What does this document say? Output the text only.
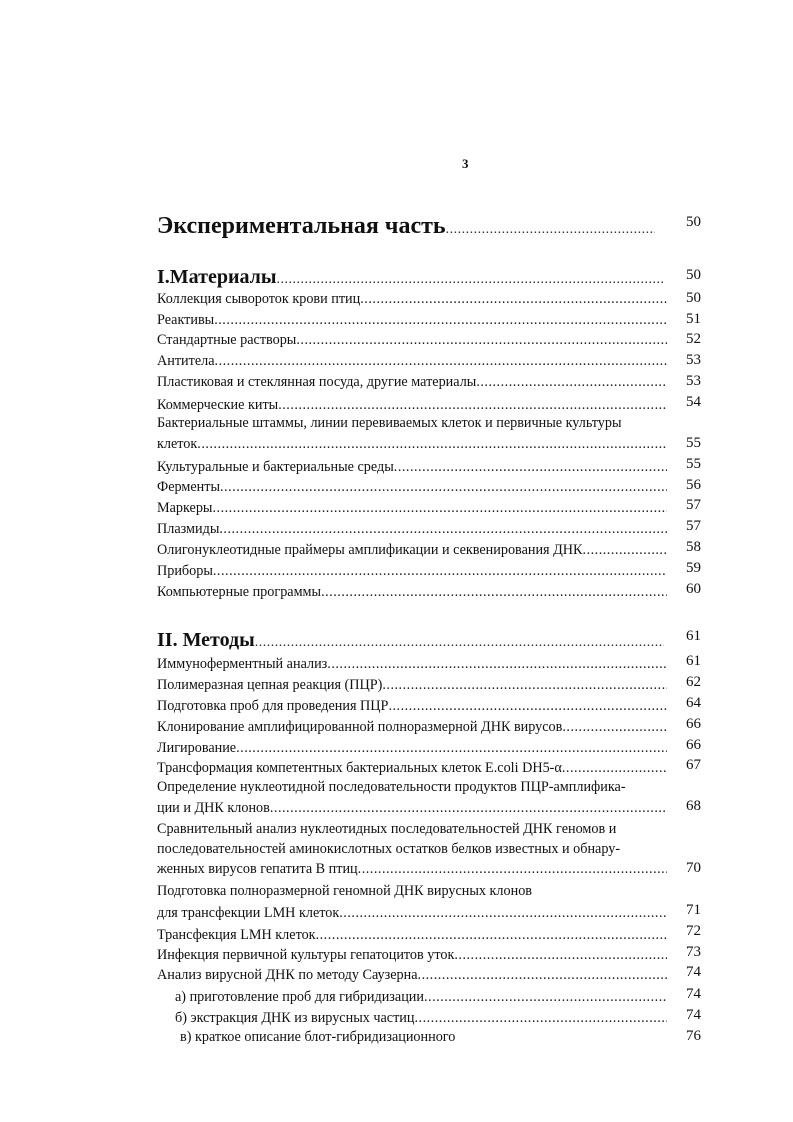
3
Экспериментальная часть .....	50
I.Материалы .....	50
Коллекция сывороток крови птиц .....	50
Реактивы .....	51
Стандартные растворы .....	52
Антитела .....	53
Пластиковая и стеклянная посуда, другие материалы .....	53
Коммерческие киты .....	54
Бактериальные штаммы, линии перевиваемых клеток и первичные культуры
клеток .....	55
Культуральные и бактериальные среды .....	55
Ферменты .....	56
Маркеры .....	57
Плазмиды .....	57
Олигонуклеотидные праймеры амплификации и секвенирования ДНК .....	58
Приборы .....	59
Компьютерные программы .....	60
II. Методы .....	61
Иммуноферментный анализ .....	61
Полимеразная цепная реакция (ПЦР) .....	62
Подготовка проб для проведения ПЦР .....	64
Клонирование амплифицированной полноразмерной ДНК вирусов .....	66
Лигирование .....	66
Трансформация компетентных бактериальных клеток E.coli DH5-α .....	67
Определение нуклеотидной последовательности продуктов ПЦР-амплифика-
ции и ДНК клонов .....	68
Сравнительный анализ нуклеотидных последовательностей ДНК геномов и
последовательностей аминокислотных остатков белков известных и обнару-
женных вирусов гепатита В птиц .....	70
Подготовка полноразмерной геномной ДНК вирусных клонов
для трансфекции LMH клеток .....	71
Трансфекция LMH клеток .....	72
Инфекция первичной культуры гепатоцитов уток .....	73
Анализ вирусной ДНК по методу Саузерна .....	74
а) приготовление проб для гибридизации .....	74
б) экстракция ДНК из вирусных частиц .....	74
в) краткое описание блот-гибридизационного	76
